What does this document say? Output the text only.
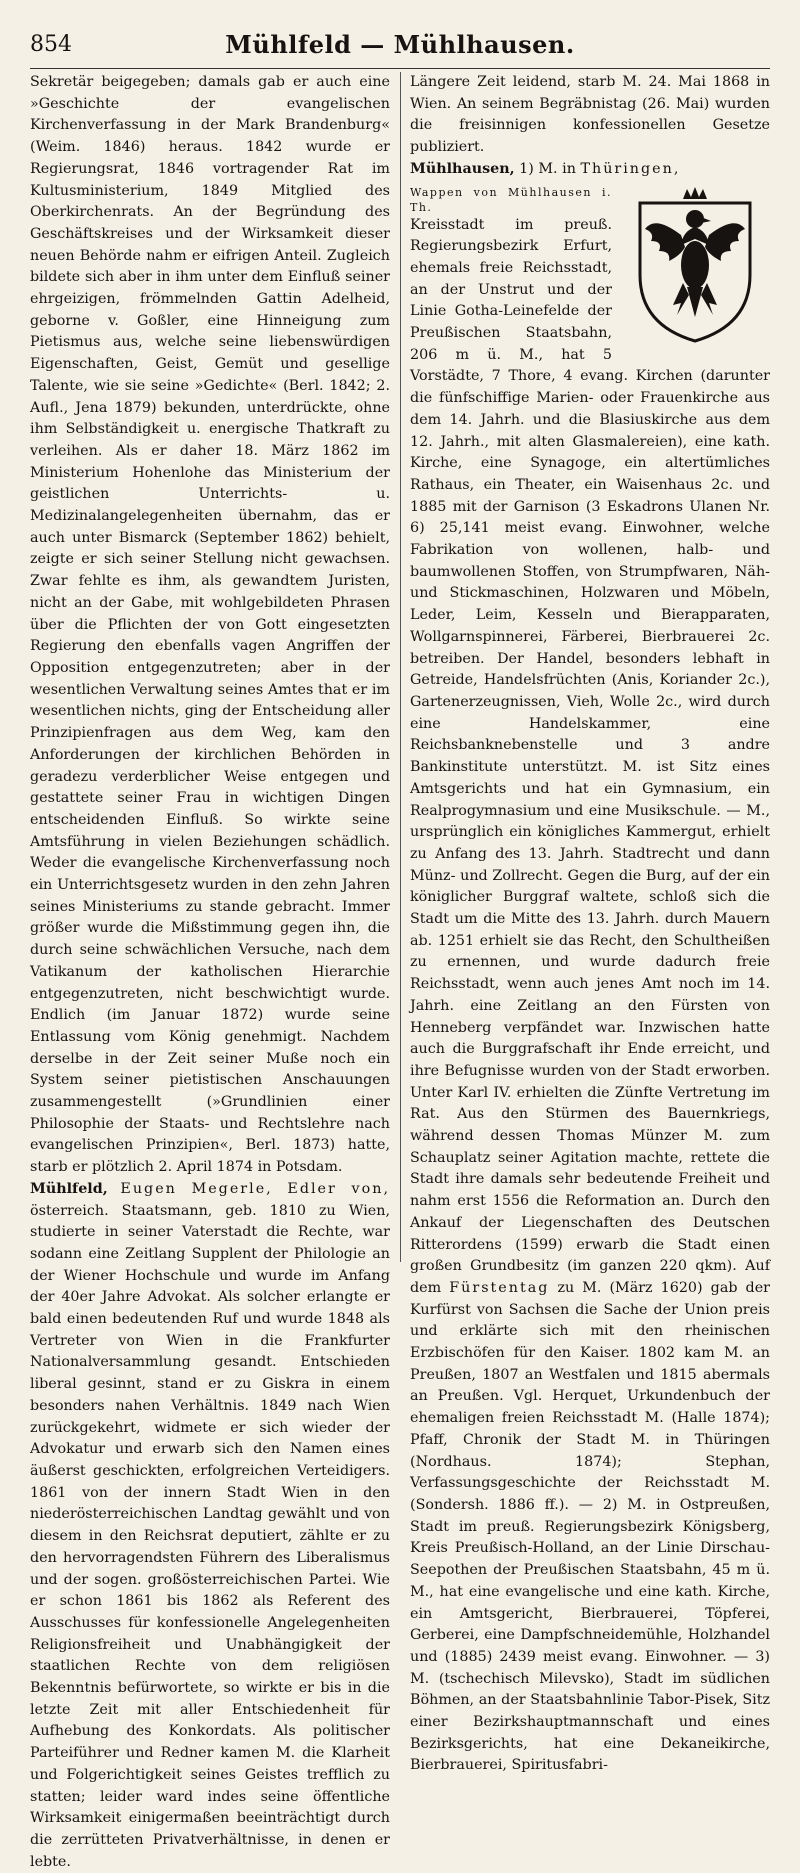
854	Mühlfeld — Mühlhausen.

Sekretär beigegeben; damals gab er auch eine »Geschichte der evangelischen Kirchenverfassung in der Mark Brandenburg« (Weim. 1846) heraus. 1842 wurde er Regierungsrat, 1846 vortragender Rat im Kultusministerium, 1849 Mitglied des Oberkirchenrats. An der Begründung des Geschäftskreises und der Wirksamkeit dieser neuen Behörde nahm er eifrigen Anteil. Zugleich bildete sich aber in ihm unter dem Einfluß seiner ehrgeizigen, frömmelnden Gattin Adelheid, geborne v. Goßler, eine Hinneigung zum Pietismus aus, welche seine liebenswürdigen Eigenschaften, Geist, Gemüt und gesellige Talente, wie sie seine »Gedichte« (Berl. 1842; 2. Aufl., Jena 1879) bekunden, unterdrückte, ohne ihm Selbständigkeit u. energische Thatkraft zu verleihen. Als er daher 18. März 1862 im Ministerium Hohenlohe das Ministerium der geistlichen Unterrichts- u. Medizinalangelegenheiten übernahm, das er auch unter Bismarck (September 1862) behielt, zeigte er sich seiner Stellung nicht gewachsen. Zwar fehlte es ihm, als gewandtem Juristen, nicht an der Gabe, mit wohlgebildeten Phrasen über die Pflichten der von Gott eingesetzten Regierung den ebenfalls vagen Angriffen der Opposition entgegenzutreten; aber in der wesentlichen Verwaltung seines Amtes that er im wesentlichen nichts, ging der Entscheidung aller Prinzipienfragen aus dem Weg, kam den Anforderungen der kirchlichen Behörden in geradezu verderblicher Weise entgegen und gestattete seiner Frau in wichtigen Dingen entscheidenden Einfluß. So wirkte seine Amtsführung in vielen Beziehungen schädlich. Weder die evangelische Kirchenverfassung noch ein Unterrichtsgesetz wurden in den zehn Jahren seines Ministeriums zu stande gebracht. Immer größer wurde die Mißstimmung gegen ihn, die durch seine schwächlichen Versuche, nach dem Vatikanum der katholischen Hierarchie entgegenzutreten, nicht beschwichtigt wurde. Endlich (im Januar 1872) wurde seine Entlassung vom König genehmigt. Nachdem derselbe in der Zeit seiner Muße noch ein System seiner pietistischen Anschauungen zusammengestellt (»Grundlinien einer Philosophie der Staats- und Rechtslehre nach evangelischen Prinzipien«, Berl. 1873) hatte, starb er plötzlich 2. April 1874 in Potsdam.

Mühlfeld, Eugen Megerle, Edler von, österreich. Staatsmann, geb. 1810 zu Wien, studierte in seiner Vaterstadt die Rechte, war sodann eine Zeitlang Supplent der Philologie an der Wiener Hochschule und wurde im Anfang der 40er Jahre Advokat. Als solcher erlangte er bald einen bedeutenden Ruf und wurde 1848 als Vertreter von Wien in die Frankfurter Nationalversammlung gesandt. Entschieden liberal gesinnt, stand er zu Giskra in einem besonders nahen Verhältnis. 1849 nach Wien zurückgekehrt, widmete er sich wieder der Advokatur und erwarb sich den Namen eines äußerst geschickten, erfolgreichen Verteidigers. 1861 von der innern Stadt Wien in den niederösterreichischen Landtag gewählt und von diesem in den Reichsrat deputiert, zählte er zu den hervorragendsten Führern des Liberalismus und der sogen. großösterreichischen Partei. Wie er schon 1861 bis 1862 als Referent des Ausschusses für konfessionelle Angelegenheiten Religionsfreiheit und Unabhängigkeit der staatlichen Rechte von dem religiösen Bekenntnis befürwortete, so wirkte er bis in die letzte Zeit mit aller Entschiedenheit für Aufhebung des Konkordats. Als politischer Parteiführer und Redner kamen M. die Klarheit und Folgerichtigkeit seines Geistes trefflich zu statten; leider ward indes seine öffentliche Wirksamkeit einigermaßen beeinträchtigt durch die zerrütteten Privatverhältnisse, in denen er lebte.

Längere Zeit leidend, starb M. 24. Mai 1868 in Wien. An seinem Begräbnistag (26. Mai) wurden die freisinnigen konfessionellen Gesetze publiziert.

Mühlhausen, 1) M. in Thüringen,

Wappen von Mühlhausen i. Th.
Kreisstadt im preuß. Regierungsbezirk Erfurt, ehemals freie Reichsstadt, an der Unstrut und der Linie Gotha-Leinefelde der Preußischen Staatsbahn, 206 m ü. M., hat 5 Vorstädte, 7 Thore, 4 evang. Kirchen (darunter die fünfschiffige Marien- oder Frauenkirche aus dem 14. Jahrh. und die Blasiuskirche aus dem 12. Jahrh., mit alten Glasmalereien), eine kath. Kirche, eine Synagoge, ein altertümliches Rathaus, ein Theater, ein Waisenhaus 2c. und 1885 mit der Garnison (3 Eskadrons Ulanen Nr. 6) 25,141 meist evang. Einwohner, welche Fabrikation von wollenen, halb- und baumwollenen Stoffen, von Strumpfwaren, Näh- und Stickmaschinen, Holzwaren und Möbeln, Leder, Leim, Kesseln und Bierapparaten, Wollgarnspinnerei, Färberei, Bierbrauerei 2c. betreiben. Der Handel, besonders lebhaft in Getreide, Handelsfrüchten (Anis, Koriander 2c.), Gartenerzeugnissen, Vieh, Wolle 2c., wird durch eine Handelskammer, eine Reichsbanknebenstelle und 3 andre Bankinstitute unterstützt. M. ist Sitz eines Amtsgerichts und hat ein Gymnasium, ein Realprogymnasium und eine Musikschule. — M., ursprünglich ein königliches Kammergut, erhielt zu Anfang des 13. Jahrh. Stadtrecht und dann Münz- und Zollrecht. Gegen die Burg, auf der ein königlicher Burggraf waltete, schloß sich die Stadt um die Mitte des 13. Jahrh. durch Mauern ab. 1251 erhielt sie das Recht, den Schultheißen zu ernennen, und wurde dadurch freie Reichsstadt, wenn auch jenes Amt noch im 14. Jahrh. eine Zeitlang an den Fürsten von Henneberg verpfändet war. Inzwischen hatte auch die Burggrafschaft ihr Ende erreicht, und ihre Befugnisse wurden von der Stadt erworben. Unter Karl IV. erhielten die Zünfte Vertretung im Rat. Aus den Stürmen des Bauernkriegs, während dessen Thomas Münzer M. zum Schauplatz seiner Agitation machte, rettete die Stadt ihre damals sehr bedeutende Freiheit und nahm erst 1556 die Reformation an. Durch den Ankauf der Liegenschaften des Deutschen Ritterordens (1599) erwarb die Stadt einen großen Grundbesitz (im ganzen 220 qkm). Auf dem Fürstentag zu M. (März 1620) gab der Kurfürst von Sachsen die Sache der Union preis und erklärte sich mit den rheinischen Erzbischöfen für den Kaiser. 1802 kam M. an Preußen, 1807 an Westfalen und 1815 abermals an Preußen. Vgl. Herquet, Urkundenbuch der ehemaligen freien Reichsstadt M. (Halle 1874); Pfaff, Chronik der Stadt M. in Thüringen (Nordhaus. 1874); Stephan, Verfassungsgeschichte der Reichsstadt M. (Sondersh. 1886 ff.). — 2) M. in Ostpreußen, Stadt im preuß. Regierungsbezirk Königsberg, Kreis Preußisch-Holland, an der Linie Dirschau-Seepothen der Preußischen Staatsbahn, 45 m ü. M., hat eine evangelische und eine kath. Kirche, ein Amtsgericht, Bierbrauerei, Töpferei, Gerberei, eine Dampfschneidemühle, Holzhandel und (1885) 2439 meist evang. Einwohner. — 3) M. (tschechisch Milevsko), Stadt im südlichen Böhmen, an der Staatsbahnlinie Tabor-Pisek, Sitz einer Bezirkshauptmannschaft und eines Bezirksgerichts, hat eine Dekaneikirche, Bierbrauerei, Spiritusfabri-
